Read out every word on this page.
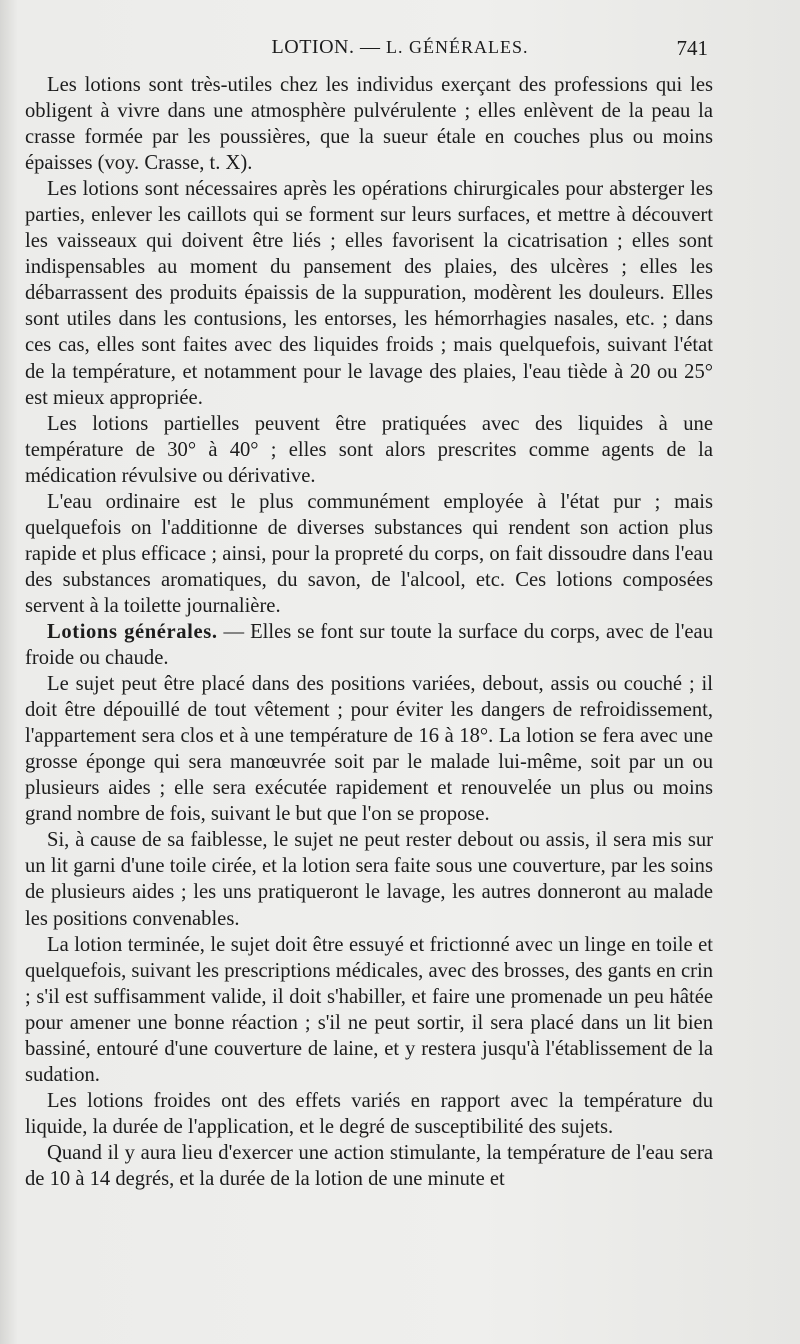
LOTION. — L. GÉNÉRALES.	741

Les lotions sont très-utiles chez les individus exerçant des professions qui les obligent à vivre dans une atmosphère pulvérulente ; elles enlèvent de la peau la crasse formée par les poussières, que la sueur étale en couches plus ou moins épaisses (voy. Crasse, t. X).

Les lotions sont nécessaires après les opérations chirurgicales pour absterger les parties, enlever les caillots qui se forment sur leurs surfaces, et mettre à découvert les vaisseaux qui doivent être liés ; elles favorisent la cicatrisation ; elles sont indispensables au moment du pansement des plaies, des ulcères ; elles les débarrassent des produits épaissis de la suppuration, modèrent les douleurs. Elles sont utiles dans les contusions, les entorses, les hémorrhagies nasales, etc. ; dans ces cas, elles sont faites avec des liquides froids ; mais quelquefois, suivant l'état de la température, et notamment pour le lavage des plaies, l'eau tiède à 20 ou 25° est mieux appropriée.

Les lotions partielles peuvent être pratiquées avec des liquides à une température de 30° à 40° ; elles sont alors prescrites comme agents de la médication révulsive ou dérivative.

L'eau ordinaire est le plus communément employée à l'état pur ; mais quelquefois on l'additionne de diverses substances qui rendent son action plus rapide et plus efficace ; ainsi, pour la propreté du corps, on fait dissoudre dans l'eau des substances aromatiques, du savon, de l'alcool, etc. Ces lotions composées servent à la toilette journalière.

Lotions générales. — Elles se font sur toute la surface du corps, avec de l'eau froide ou chaude.

Le sujet peut être placé dans des positions variées, debout, assis ou couché ; il doit être dépouillé de tout vêtement ; pour éviter les dangers de refroidissement, l'appartement sera clos et à une température de 16 à 18°. La lotion se fera avec une grosse éponge qui sera manœuvrée soit par le malade lui-même, soit par un ou plusieurs aides ; elle sera exécutée rapidement et renouvelée un plus ou moins grand nombre de fois, suivant le but que l'on se propose.

Si, à cause de sa faiblesse, le sujet ne peut rester debout ou assis, il sera mis sur un lit garni d'une toile cirée, et la lotion sera faite sous une couverture, par les soins de plusieurs aides ; les uns pratiqueront le lavage, les autres donneront au malade les positions convenables.

La lotion terminée, le sujet doit être essuyé et frictionné avec un linge en toile et quelquefois, suivant les prescriptions médicales, avec des brosses, des gants en crin ; s'il est suffisamment valide, il doit s'habiller, et faire une promenade un peu hâtée pour amener une bonne réaction ; s'il ne peut sortir, il sera placé dans un lit bien bassiné, entouré d'une couverture de laine, et y restera jusqu'à l'établissement de la sudation.

Les lotions froides ont des effets variés en rapport avec la température du liquide, la durée de l'application, et le degré de susceptibilité des sujets.

Quand il y aura lieu d'exercer une action stimulante, la température de l'eau sera de 10 à 14 degrés, et la durée de la lotion de une minute et
